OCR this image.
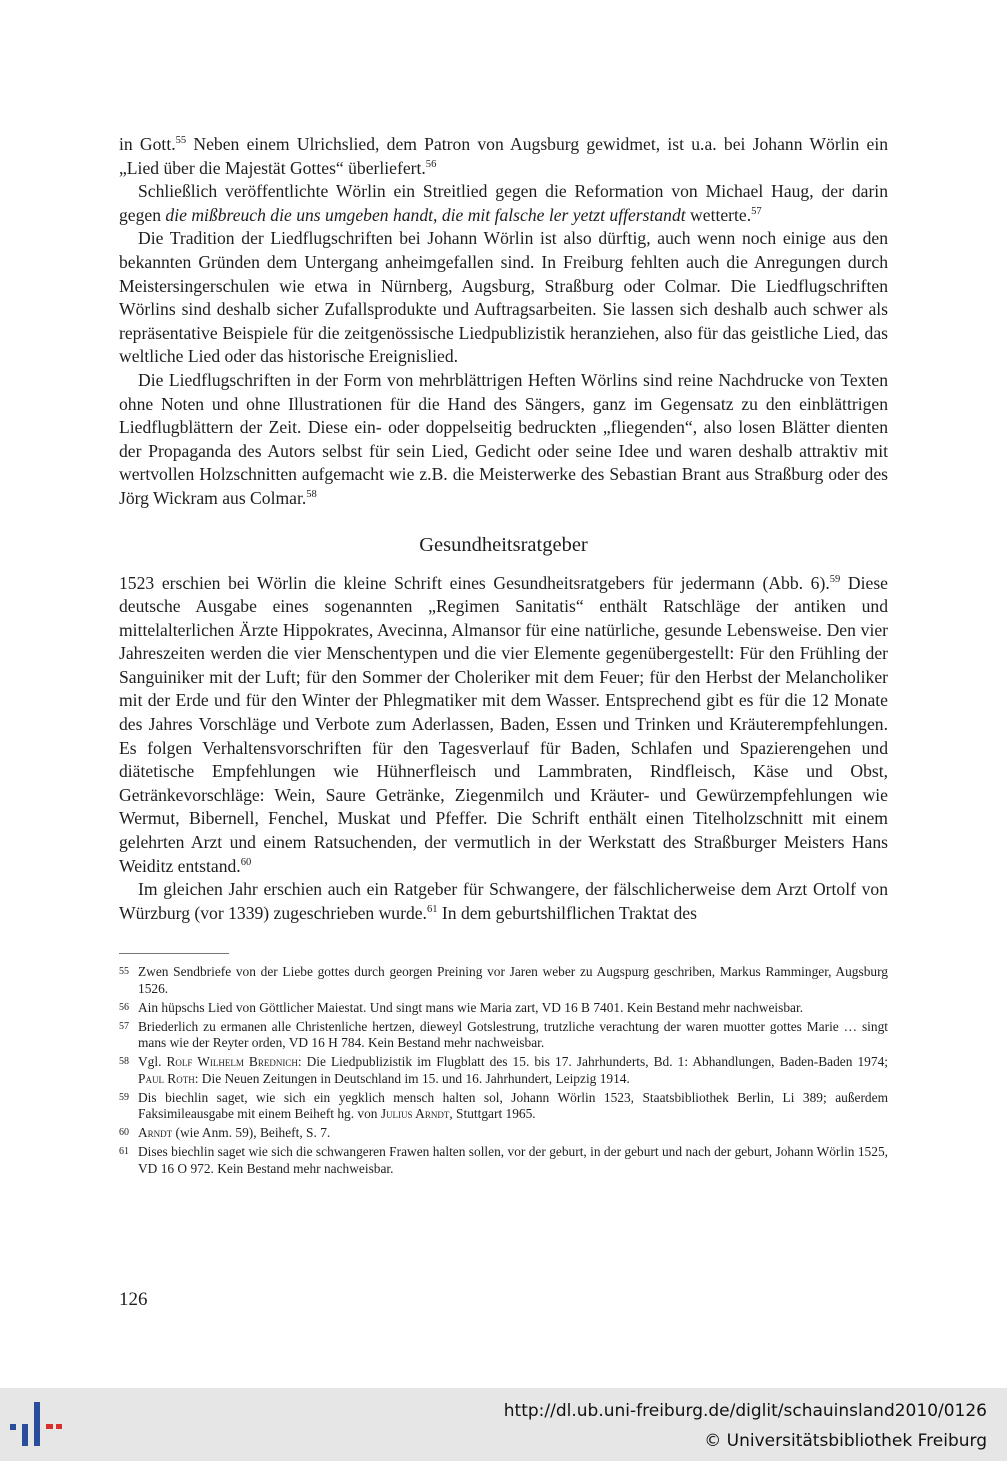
in Gott.$^{55}$ Neben einem Ulrichslied, dem Patron von Augsburg gewidmet, ist u.a. bei Johann Wörlin ein „Lied über die Majestät Gottes“ überliefert.$^{56}$

Schließlich veröffentlichte Wörlin ein Streitlied gegen die Reformation von Michael Haug, der darin gegen die mißbreuch die uns umgeben handt, die mit falsche ler yetzt ufferstandt wetterte.$^{57}$

Die Tradition der Liedflugschriften bei Johann Wörlin ist also dürftig, auch wenn noch einige aus den bekannten Gründen dem Untergang anheimgefallen sind. In Freiburg fehlten auch die Anregungen durch Meistersingerschulen wie etwa in Nürnberg, Augsburg, Straßburg oder Colmar. Die Liedflugschriften Wörlins sind deshalb sicher Zufallsprodukte und Auftragsarbeiten. Sie lassen sich deshalb auch schwer als repräsentative Beispiele für die zeitgenössische Liedpublizistik heranziehen, also für das geistliche Lied, das weltliche Lied oder das historische Ereignislied.

Die Liedflugschriften in der Form von mehrblättrigen Heften Wörlins sind reine Nachdrucke von Texten ohne Noten und ohne Illustrationen für die Hand des Sängers, ganz im Gegensatz zu den einblättrigen Liedflugblättern der Zeit. Diese ein- oder doppelseitig bedruckten „fliegenden“, also losen Blätter dienten der Propaganda des Autors selbst für sein Lied, Gedicht oder seine Idee und waren deshalb attraktiv mit wertvollen Holzschnitten aufgemacht wie z.B. die Meisterwerke des Sebastian Brant aus Straßburg oder des Jörg Wickram aus Colmar.$^{58}$

Gesundheitsratgeber

1523 erschien bei Wörlin die kleine Schrift eines Gesundheitsratgebers für jedermann (Abb. 6).$^{59}$ Diese deutsche Ausgabe eines sogenannten „Regimen Sanitatis“ enthält Ratschläge der antiken und mittelalterlichen Ärzte Hippokrates, Avecinna, Almansor für eine natürliche, gesunde Lebensweise. Den vier Jahreszeiten werden die vier Menschentypen und die vier Elemente gegenübergestellt: Für den Frühling der Sanguiniker mit der Luft; für den Sommer der Choleriker mit dem Feuer; für den Herbst der Melancholiker mit der Erde und für den Winter der Phlegmatiker mit dem Wasser. Entsprechend gibt es für die 12 Monate des Jahres Vorschläge und Verbote zum Aderlassen, Baden, Essen und Trinken und Kräuterempfehlungen. Es folgen Verhaltensvorschriften für den Tagesverlauf für Baden, Schlafen und Spazierengehen und diätetische Empfehlungen wie Hühnerfleisch und Lammbraten, Rindfleisch, Käse und Obst, Getränkevorschläge: Wein, Saure Getränke, Ziegenmilch und Kräuter- und Gewürzempfehlungen wie Wermut, Bibernell, Fenchel, Muskat und Pfeffer. Die Schrift enthält einen Titelholzschnitt mit einem gelehrten Arzt und einem Ratsuchenden, der vermutlich in der Werkstatt des Straßburger Meisters Hans Weiditz entstand.$^{60}$

Im gleichen Jahr erschien auch ein Ratgeber für Schwangere, der fälschlicherweise dem Arzt Ortolf von Würzburg (vor 1339) zugeschrieben wurde.$^{61}$ In dem geburtshilflichen Traktat des

55 Zwen Sendbriefe von der Liebe gottes durch georgen Preining vor Jaren weber zu Augspurg geschriben, Markus Ramminger, Augsburg 1526.

56 Ain hüpschs Lied von Göttlicher Maiestat. Und singt mans wie Maria zart, VD 16 B 7401. Kein Bestand mehr nachweisbar.

57 Briederlich zu ermanen alle Christenliche hertzen, dieweyl Gotslestrung, trutzliche verachtung der waren muotter gottes Marie … singt mans wie der Reyter orden, VD 16 H 784. Kein Bestand mehr nachweisbar.

58 Vgl. Rolf Wilhelm Brednich: Die Liedpublizistik im Flugblatt des 15. bis 17. Jahrhunderts, Bd. 1: Abhandlungen, Baden-Baden 1974; Paul Roth: Die Neuen Zeitungen in Deutschland im 15. und 16. Jahrhundert, Leipzig 1914.

59 Dis biechlin saget, wie sich ein yegklich mensch halten sol, Johann Wörlin 1523, Staatsbibliothek Berlin, Li 389; außerdem Faksimileausgabe mit einem Beiheft hg. von Julius Arndt, Stuttgart 1965.

60 Arndt (wie Anm. 59), Beiheft, S. 7.

61 Dises biechlin saget wie sich die schwangeren Frawen halten sollen, vor der geburt, in der geburt und nach der geburt, Johann Wörlin 1525, VD 16 O 972. Kein Bestand mehr nachweisbar.

126
http://dl.ub.uni-freiburg.de/diglit/schauinsland2010/0126
© Universitätsbibliothek Freiburg
